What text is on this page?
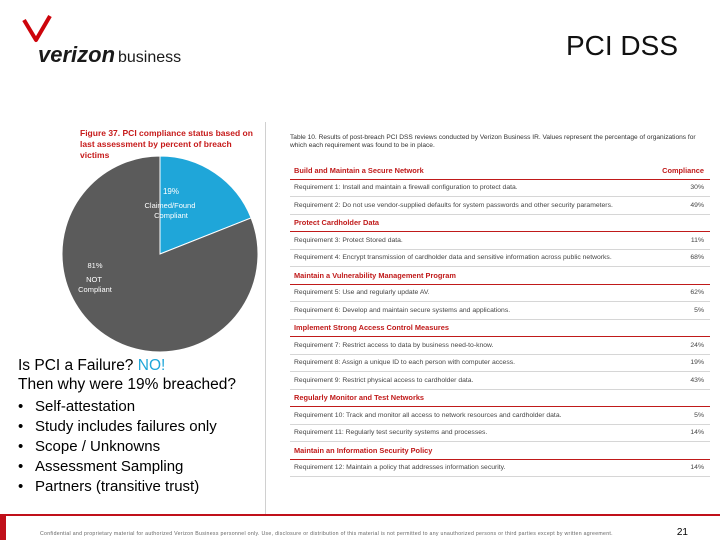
verizon business	PCI DSS
Figure 37. PCI compliance status based on last assessment by percent of breach victims
19%
Claimed/Found Compliant
81%
NOT Compliant
Is PCI a Failure? NO!
Then why were 19% breached?
• Self-attestation
• Study includes failures only
• Scope / Unknowns
• Assessment Sampling
• Partners (transitive trust)
Table 10. Results of post-breach PCI DSS reviews conducted by Verizon Business IR. Values represent the percentage of organizations for which each requirement was found to be in place.
Build and Maintain a Secure Network	Compliance
Requirement 1: Install and maintain a firewall configuration to protect data.	30%
Requirement 2: Do not use vendor-supplied defaults for system passwords and other security parameters.	49%
Protect Cardholder Data
Requirement 3: Protect Stored data.	11%
Requirement 4: Encrypt transmission of cardholder data and sensitive information across public networks.	68%
Maintain a Vulnerability Management Program
Requirement 5: Use and regularly update AV.	62%
Requirement 6: Develop and maintain secure systems and applications.	5%
Implement Strong Access Control Measures
Requirement 7: Restrict access to data by business need-to-know.	24%
Requirement 8: Assign a unique ID to each person with computer access.	19%
Requirement 9: Restrict physical access to cardholder data.	43%
Regularly Monitor and Test Networks
Requirement 10: Track and monitor all access to network resources and cardholder data.	5%
Requirement 11: Regularly test security systems and processes.	14%
Maintain an Information Security Policy
Requirement 12: Maintain a policy that addresses information security.	14%
Confidential and proprietary material for authorized Verizon Business personnel only. Use, disclosure or distribution of this material is not permitted to any unauthorized persons or third parties except by written agreement.	21
